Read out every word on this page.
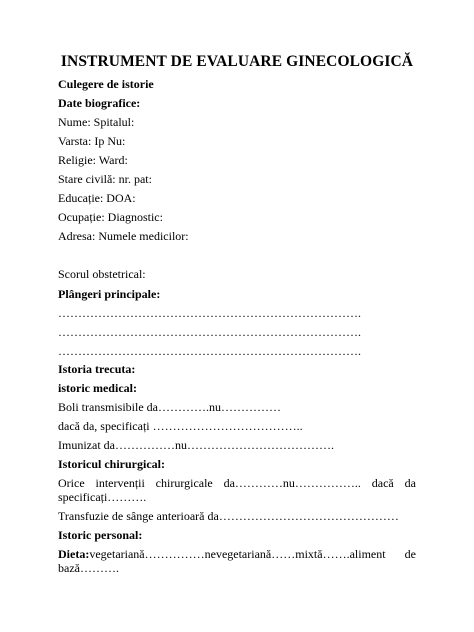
INSTRUMENT DE EVALUARE GINECOLOGICĂ
Culegere de istorie
Date biografice:
Nume: Spitalul:
Varsta: Ip Nu:
Religie: Ward:
Stare civilă: nr. pat:
Educație: DOA:
Ocupație: Diagnostic:
Adresa: Numele medicilor:
Scorul obstetrical:
Plângeri principale:
………………………………………………………………….
………………………………………………………………….
………………………………………………………………….
Istoria trecuta:
istoric medical:
Boli transmisibile da………….nu……………
dacă da, specificați ………………………………..
Imunizat da……………nu……………………………….
Istoricul chirurgical:
Orice intervenții chirurgicale da…………nu…………….. dacă da
specificați……….
Transfuzie de sânge anterioară da………………………………………
Istoric personal:
Dieta:vegetariană……………nevegetariană……mixtă…….aliment de
bază……….
